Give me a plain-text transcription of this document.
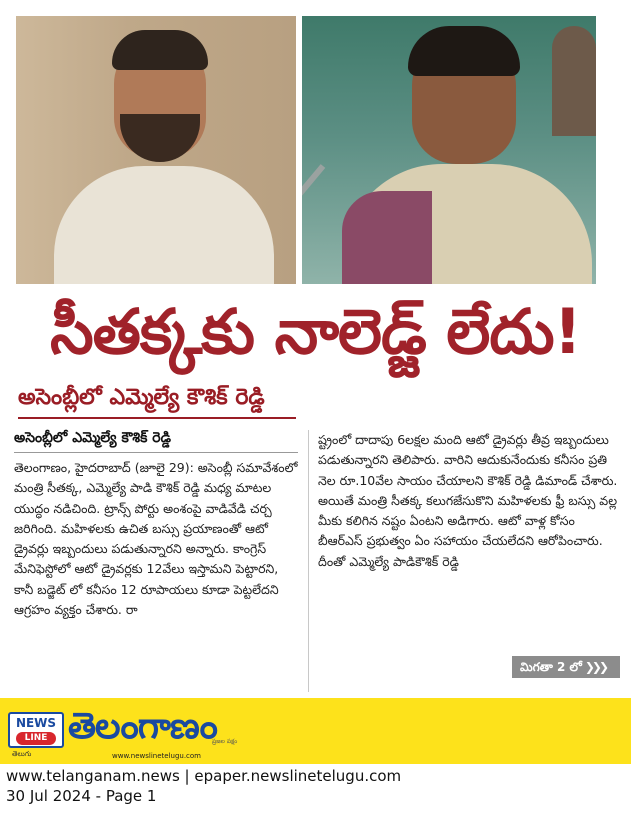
సీతక్కకు నాలెడ్జ్ లేదు!
అసెంబ్లీలో ఎమ్మెల్యే కౌశిక్ రెడ్డి
అసెంబ్లీలో ఎమ్మెల్యే కౌశిక్ రెడ్డి
తెలంగాణం, హైదరాబాద్ (జూలై 29): అసెంబ్లీ సమావేశంలో మంత్రి సీతక్క, ఎమ్మెల్యే పాడి కౌశిక్ రెడ్డి మధ్య మాటల యుద్ధం నడిచింది. ట్రాన్స్ పోర్టు అంశంపై వాడివేడి చర్చ జరిగింది. మహిళలకు ఉచిత బస్సు ప్రయాణంతో ఆటో డ్రైవర్లు ఇబ్బందులు పడుతున్నారని అన్నారు. కాంగ్రెస్ మేనిఫెస్టోలో ఆటో డ్రైవర్లకు 12వేలు ఇస్తామని పెట్టారని, కానీ బడ్జెట్ లో కనీసం 12 రూపాయలు కూడా పెట్టలేదని ఆగ్రహం వ్యక్తం చేశారు. రా
ష్ట్రంలో దాదాపు 6లక్షల మంది ఆటో డ్రైవర్లు తీవ్ర ఇబ్బందులు పడుతున్నారని తెలిపారు. వారిని ఆదుకునేందుకు కనీసం ప్రతి నెల రూ.10వేల సాయం చేయాలని కౌశిక్ రెడ్డి డిమాండ్ చేశారు. అయితే మంత్రి సీతక్క కలుగజేసుకొని మహిళలకు ఫ్రీ బస్సు వల్ల మీకు కలిగిన నష్టం ఏంటని అడిగారు. ఆటో వాళ్ల కోసం బీఆర్ఎస్ ప్రభుత్వం ఏం సహాయం చేయలేదని ఆరోపించారు. దీంతో ఎమ్మెల్యే పాడికౌశిక్ రెడ్డి
మిగతా 2 లో ❯❯❯
NEWS
LINE
తెలుగు
తెలంగాణం
ప్రజల పక్షం
www.newslinetelugu.com
www.telanganam.news | epaper.newslinetelugu.com
30 Jul 2024 - Page 1
